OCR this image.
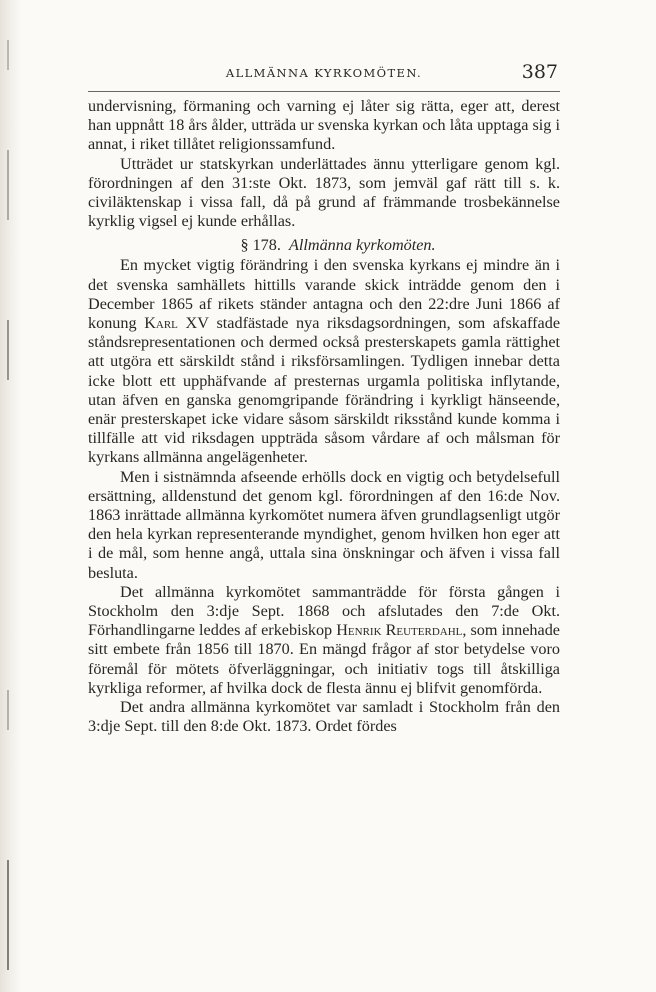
ALLMÄNNA KYRKOMÖTEN.	387

undervisning, förmaning och varning ej låter sig rätta, eger att, derest han uppnått 18 års ålder, utträda ur svenska kyrkan och låta upptaga sig i annat, i riket tillåtet religionssamfund.

Utträdet ur statskyrkan underlättades ännu ytterligare genom kgl. förordningen af den 31:ste Okt. 1873, som jemväl gaf rätt till s. k. civiläktenskap i vissa fall, då på grund af främmande trosbekännelse kyrklig vigsel ej kunde erhållas.

§ 178. Allmänna kyrkomöten.

En mycket vigtig förändring i den svenska kyrkans ej mindre än i det svenska samhällets hittills varande skick inträdde genom den i December 1865 af rikets ständer antagna och den 22:dre Juni 1866 af konung Karl XV stadfästade nya riksdagsordningen, som afskaffade ståndsrepresentationen och dermed också presterskapets gamla rättighet att utgöra ett särskildt stånd i riksförsamlingen. Tydligen innebar detta icke blott ett upphäfvande af presternas urgamla politiska inflytande, utan äfven en ganska genomgripande förändring i kyrkligt hänseende, enär presterskapet icke vidare såsom särskildt riksstånd kunde komma i tillfälle att vid riksdagen uppträda såsom vårdare af och målsman för kyrkans allmänna angelägenheter.

Men i sistnämnda afseende erhölls dock en vigtig och betydelsefull ersättning, alldenstund det genom kgl. förordningen af den 16:de Nov. 1863 inrättade allmänna kyrkomötet numera äfven grundlagsenligt utgör den hela kyrkan representerande myndighet, genom hvilken hon eger att i de mål, som henne angå, uttala sina önskningar och äfven i vissa fall besluta.

Det allmänna kyrkomötet sammanträdde för första gången i Stockholm den 3:dje Sept. 1868 och afslutades den 7:de Okt. Förhandlingarne leddes af erkebiskop Henrik Reuterdahl, som innehade sitt embete från 1856 till 1870. En mängd frågor af stor betydelse voro föremål för mötets öfverläggningar, och initiativ togs till åtskilliga kyrkliga reformer, af hvilka dock de flesta ännu ej blifvit genomförda.

Det andra allmänna kyrkomötet var samladt i Stockholm från den 3:dje Sept. till den 8:de Okt. 1873. Ordet fördes
